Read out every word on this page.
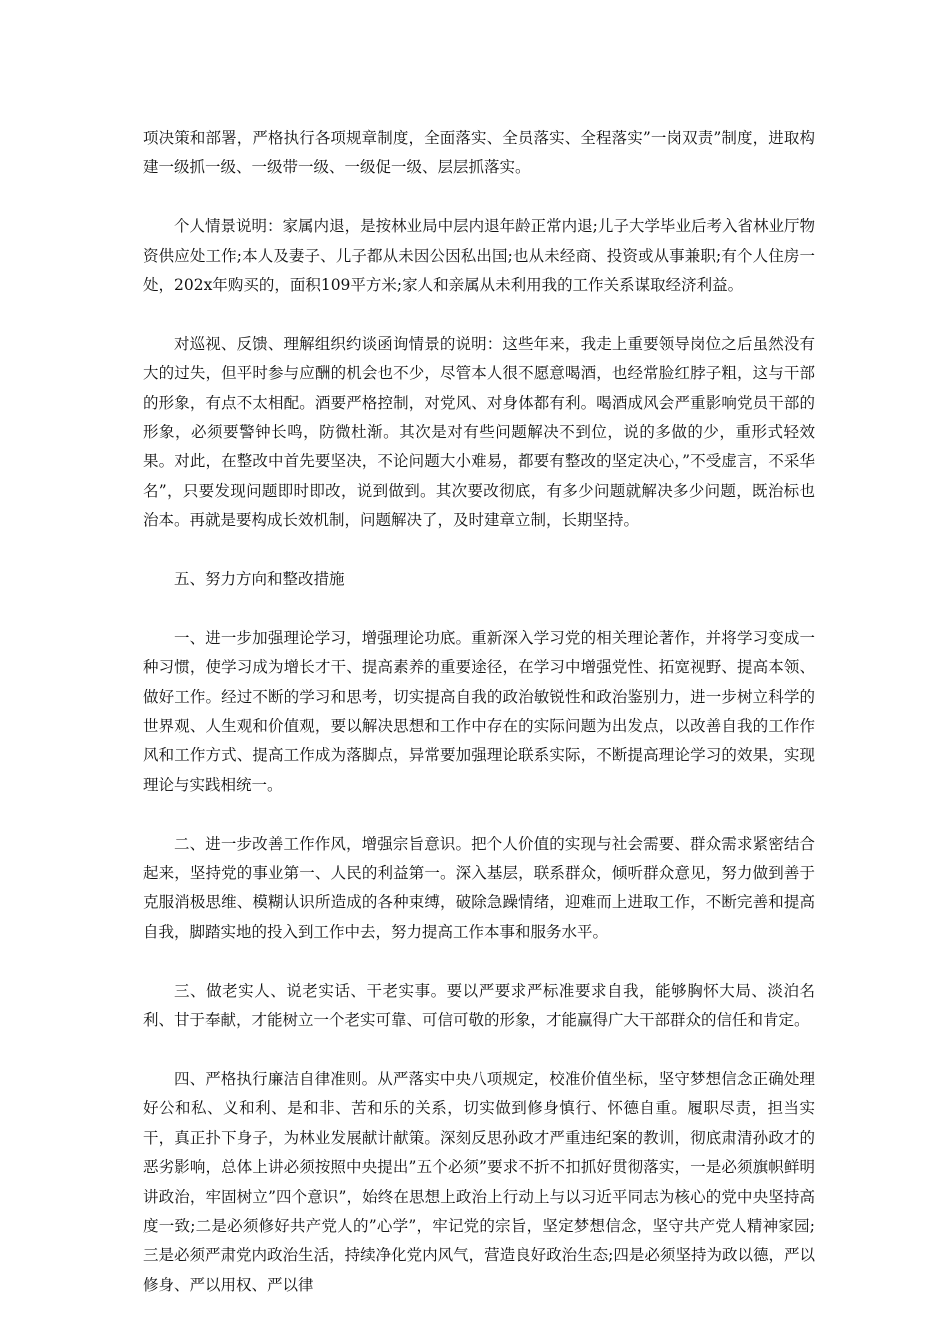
项决策和部署，严格执行各项规章制度，全面落实、全员落实、全程落实”一岗双责”制度，进取构建一级抓一级、一级带一级、一级促一级、层层抓落实。

个人情景说明：家属内退，是按林业局中层内退年龄正常内退;儿子大学毕业后考入省林业厅物资供应处工作;本人及妻子、儿子都从未因公因私出国;也从未经商、投资或从事兼职;有个人住房一处，202x年购买的，面积109平方米;家人和亲属从未利用我的工作关系谋取经济利益。

对巡视、反馈、理解组织约谈函询情景的说明：这些年来，我走上重要领导岗位之后虽然没有大的过失，但平时参与应酬的机会也不少，尽管本人很不愿意喝酒，也经常脸红脖子粗，这与干部的形象，有点不太相配。酒要严格控制，对党风、对身体都有利。喝酒成风会严重影响党员干部的形象，必须要警钟长鸣，防微杜渐。其次是对有些问题解决不到位，说的多做的少，重形式轻效果。对此，在整改中首先要坚决，不论问题大小难易，都要有整改的坚定决心，”不受虚言，不采华名”，只要发现问题即时即改，说到做到。其次要改彻底，有多少问题就解决多少问题，既治标也治本。再就是要构成长效机制，问题解决了，及时建章立制，长期坚持。

五、努力方向和整改措施

一、进一步加强理论学习，增强理论功底。重新深入学习党的相关理论著作，并将学习变成一种习惯，使学习成为增长才干、提高素养的重要途径，在学习中增强党性、拓宽视野、提高本领、做好工作。经过不断的学习和思考，切实提高自我的政治敏锐性和政治鉴别力，进一步树立科学的世界观、人生观和价值观，要以解决思想和工作中存在的实际问题为出发点，以改善自我的工作作风和工作方式、提高工作成为落脚点，异常要加强理论联系实际，不断提高理论学习的效果，实现理论与实践相统一。

二、进一步改善工作作风，增强宗旨意识。把个人价值的实现与社会需要、群众需求紧密结合起来，坚持党的事业第一、人民的利益第一。深入基层，联系群众，倾听群众意见，努力做到善于克服消极思维、模糊认识所造成的各种束缚，破除急躁情绪，迎难而上进取工作，不断完善和提高自我，脚踏实地的投入到工作中去，努力提高工作本事和服务水平。

三、做老实人、说老实话、干老实事。要以严要求严标准要求自我，能够胸怀大局、淡泊名利、甘于奉献，才能树立一个老实可靠、可信可敬的形象，才能赢得广大干部群众的信任和肯定。

四、严格执行廉洁自律准则。从严落实中央八项规定，校准价值坐标，坚守梦想信念正确处理好公和私、义和利、是和非、苦和乐的关系，切实做到修身慎行、怀德自重。履职尽责，担当实干，真正扑下身子，为林业发展献计献策。深刻反思孙政才严重违纪案的教训，彻底肃清孙政才的恶劣影响，总体上讲必须按照中央提出”五个必须”要求不折不扣抓好贯彻落实，一是必须旗帜鲜明讲政治，牢固树立”四个意识”，始终在思想上政治上行动上与以习近平同志为核心的党中央坚持高度一致;二是必须修好共产党人的”心学”，牢记党的宗旨，坚定梦想信念，坚守共产党人精神家园;三是必须严肃党内政治生活，持续净化党内风气，营造良好政治生态;四是必须坚持为政以德，严以修身、严以用权、严以律
